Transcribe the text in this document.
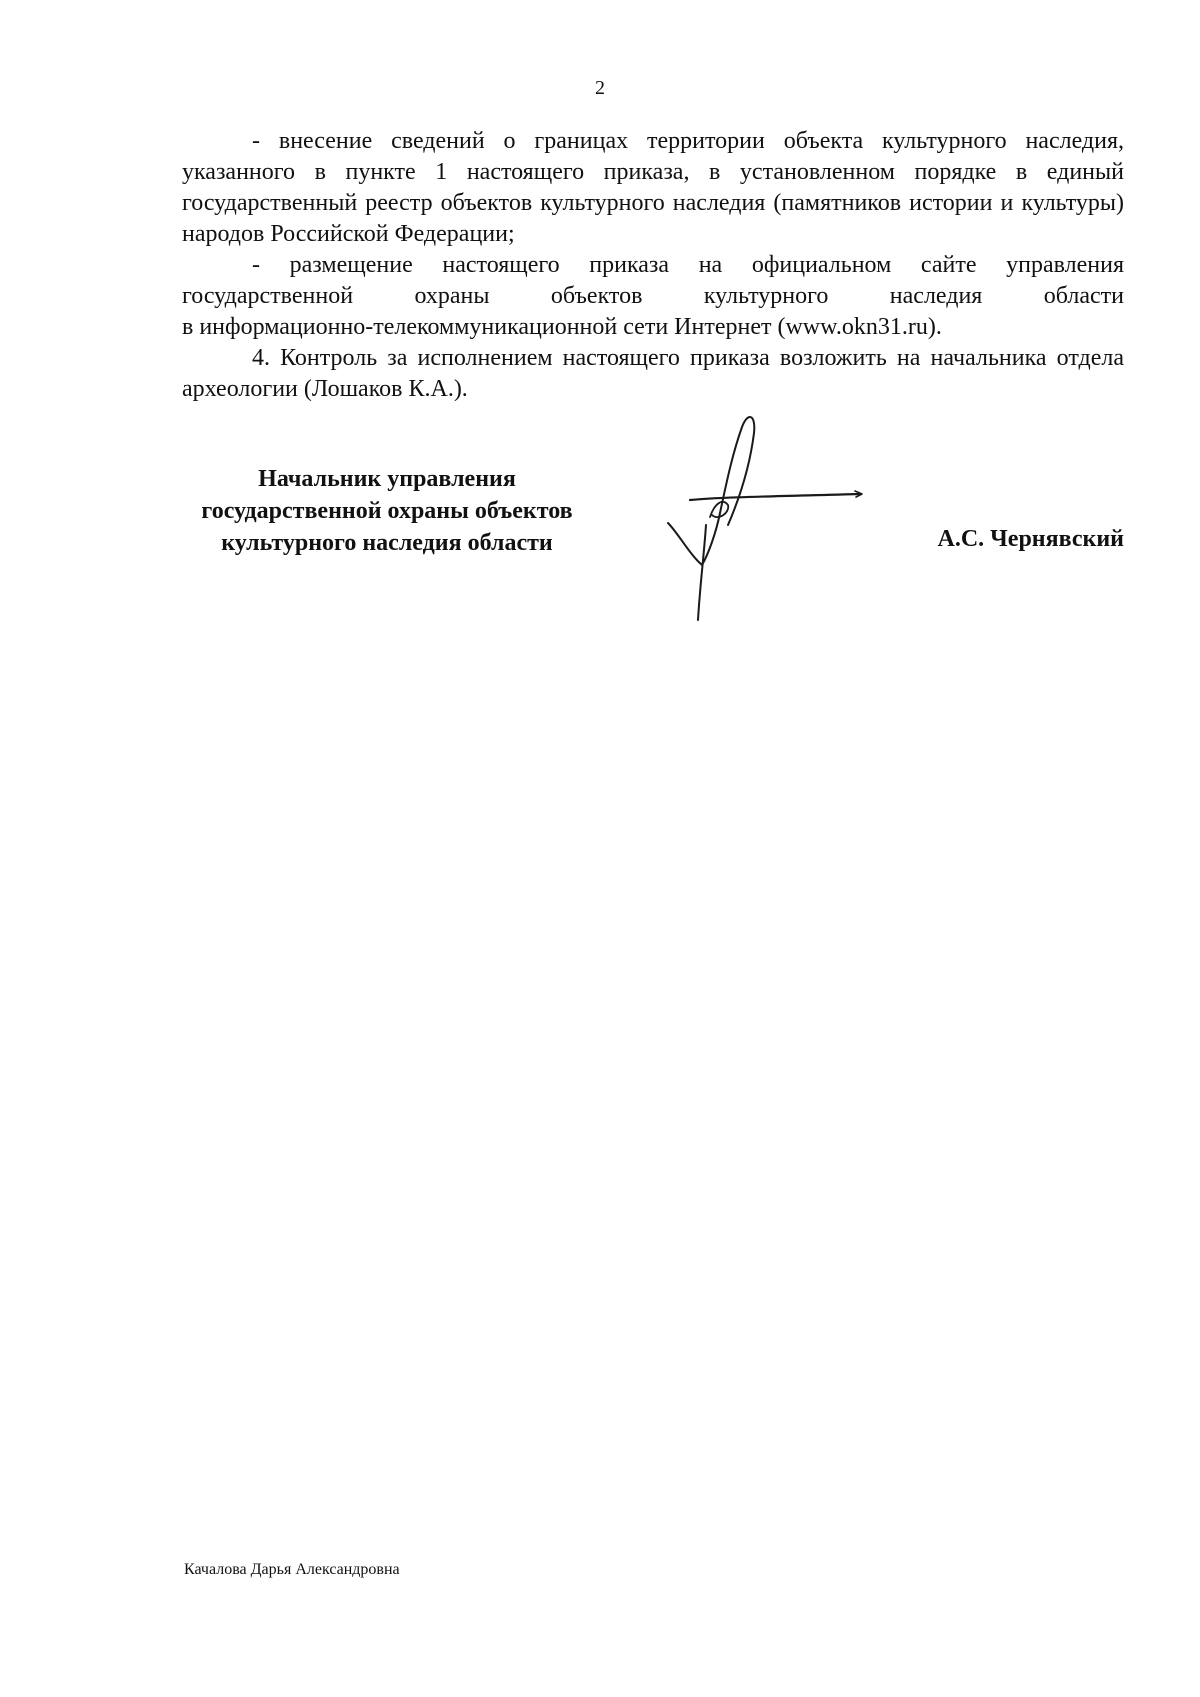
2

- внесение сведений о границах территории объекта культурного наследия, указанного в пункте 1 настоящего приказа, в установленном порядке в единый государственный реестр объектов культурного наследия (памятников истории и культуры) народов Российской Федерации;

- размещение настоящего приказа на официальном сайте управления государственной охраны объектов культурного наследия области

в информационно-телекоммуникационной сети Интернет (www.okn31.ru).

4. Контроль за исполнением настоящего приказа возложить на начальника отдела археологии (Лошаков К.А.).

Начальник управления
государственной охраны объектов
культурного наследия области	А.С. Чернявский
Качалова Дарья Александровна
